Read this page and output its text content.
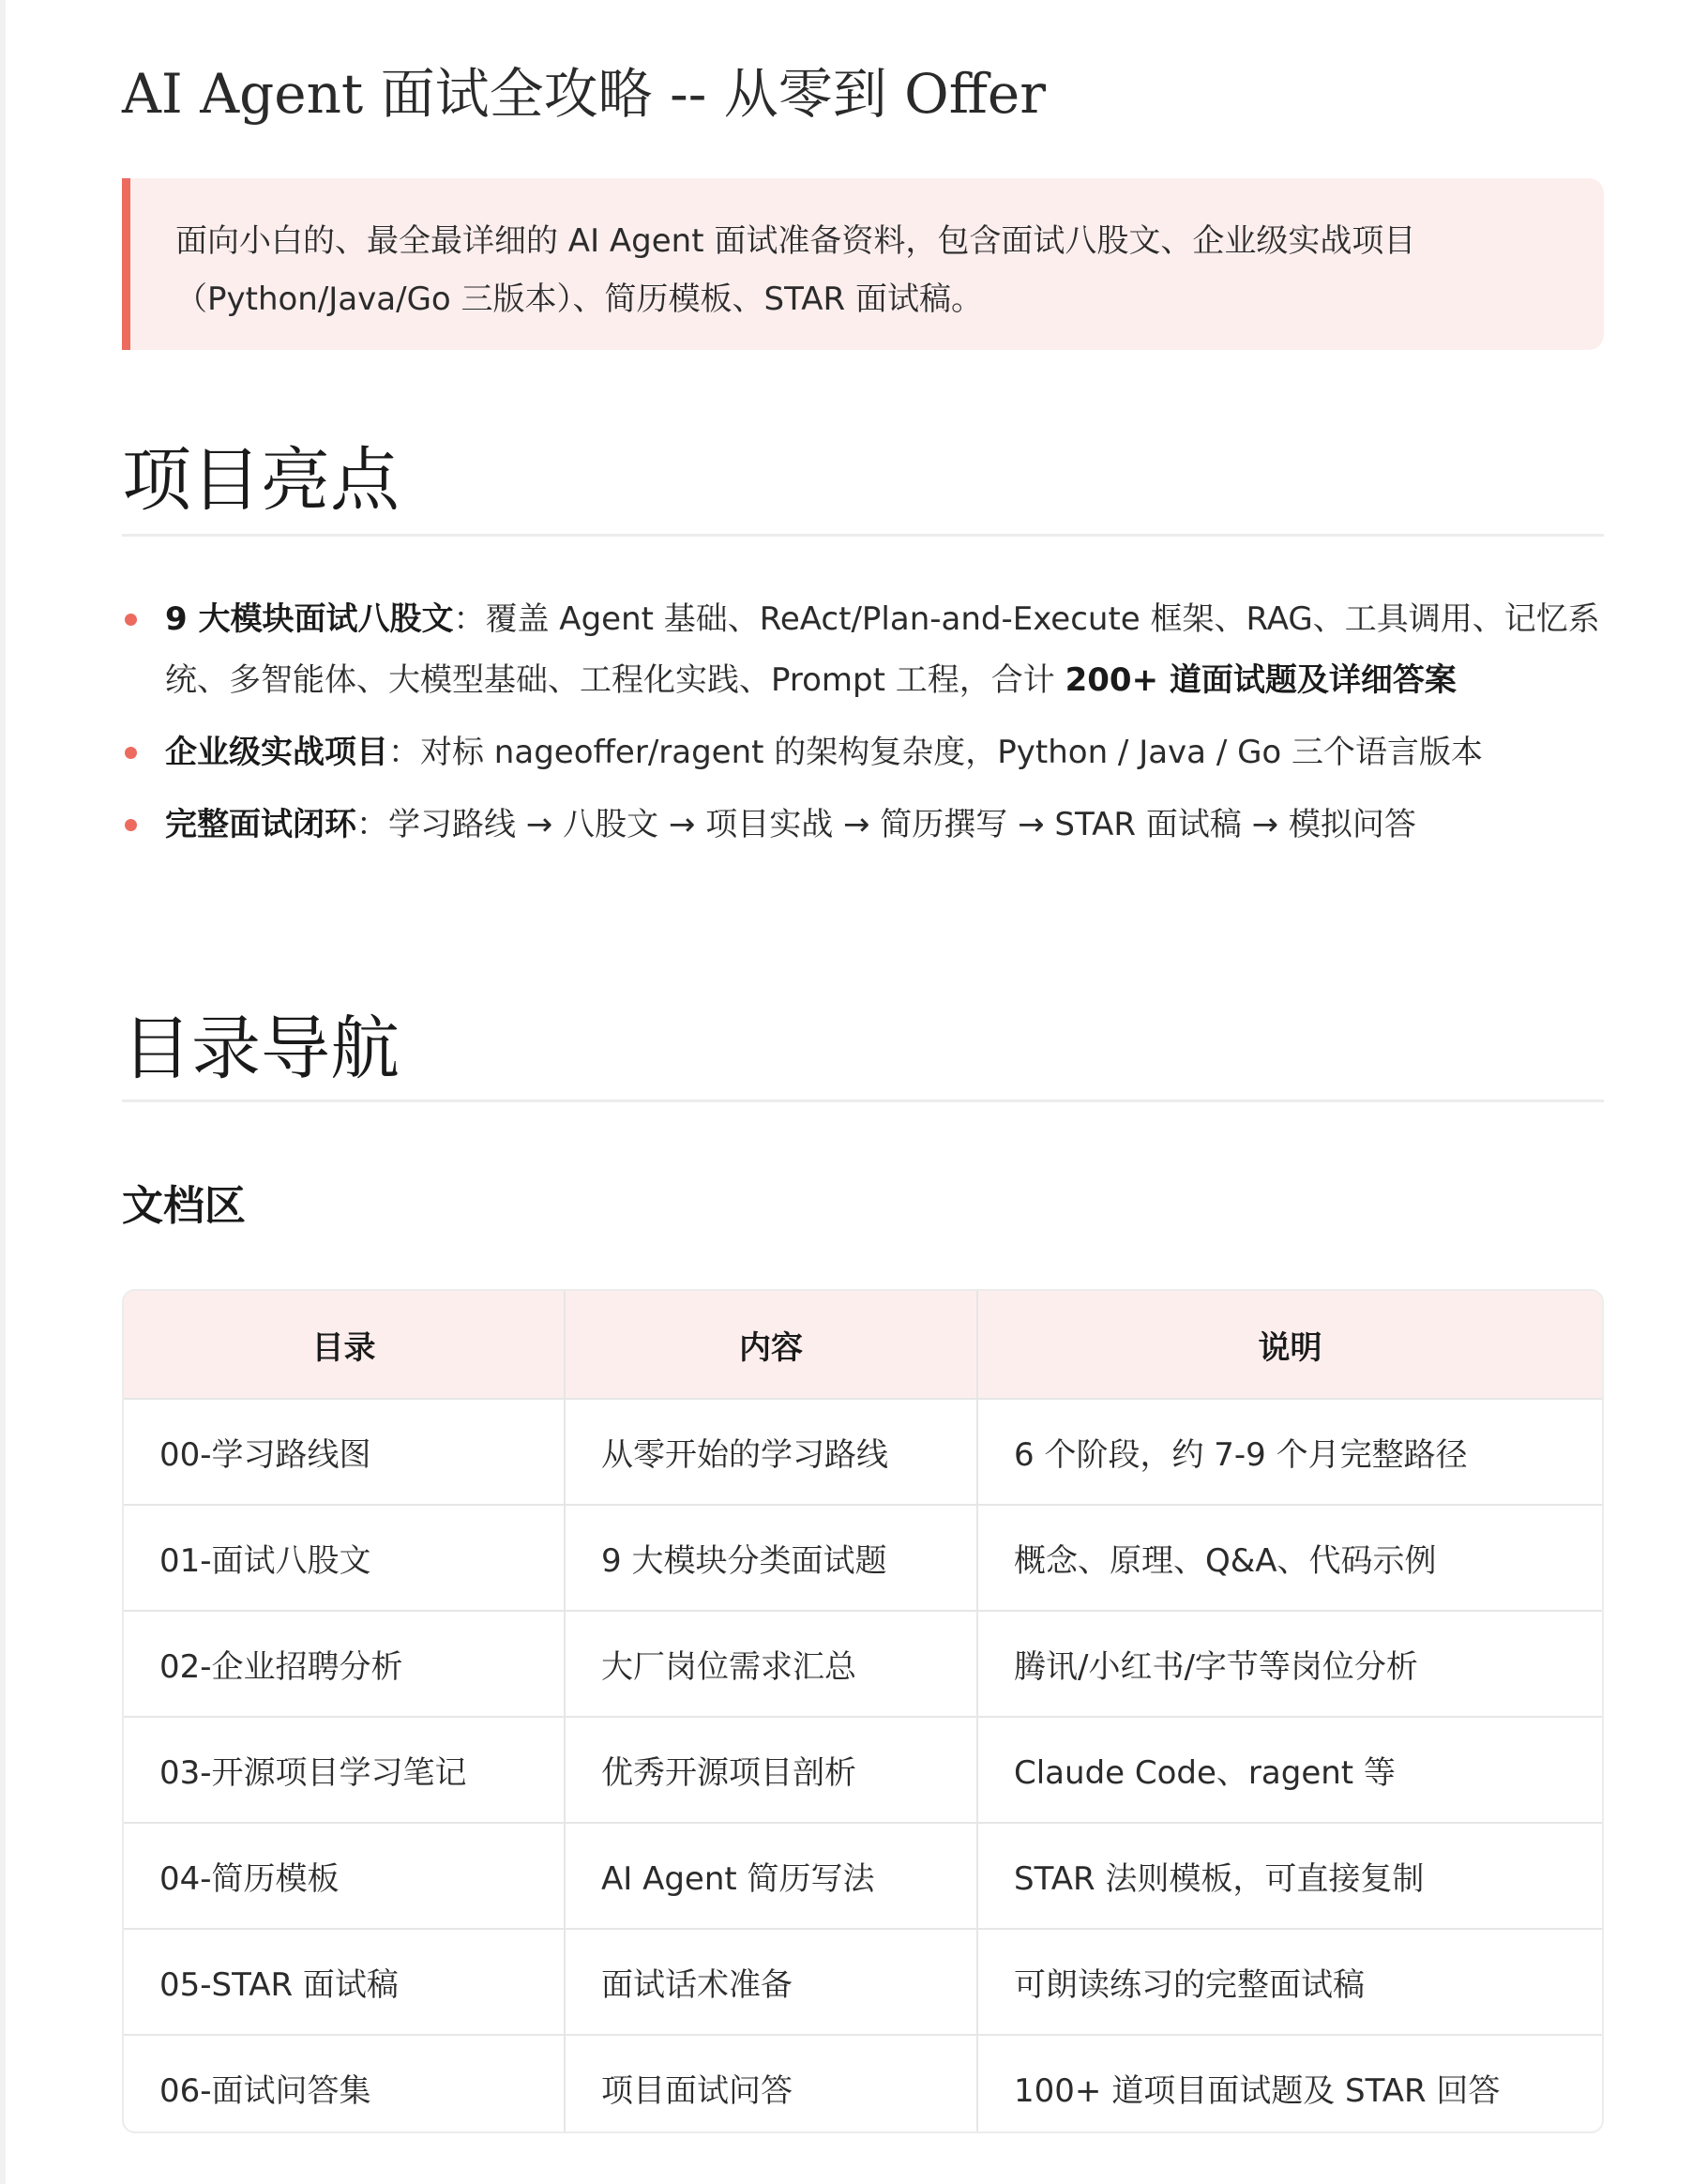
AI Agent 面试全攻略 -- 从零到 Offer

面向小白的、最全最详细的 AI Agent 面试准备资料，包含面试八股文、企业级实战项目

（Python/Java/Go 三版本）、简历模板、STAR 面试稿。

项目亮点
9 大模块面试八股文：覆盖 Agent 基础、ReAct/Plan-and-Execute 框架、RAG、工具调用、记忆系统、多智能体、大模型基础、工程化实践、Prompt 工程，合计 200+ 道面试题及详细答案
企业级实战项目：对标 nageoffer/ragent 的架构复杂度，Python / Java / Go 三个语言版本
完整面试闭环：学习路线 → 八股文 → 项目实战 → 简历撰写 → STAR 面试稿 → 模拟问答
目录导航
文档区
目录	内容	说明
00-学习路线图	从零开始的学习路线	6 个阶段，约 7-9 个月完整路径
01-面试八股文	9 大模块分类面试题	概念、原理、Q&A、代码示例
02-企业招聘分析	大厂岗位需求汇总	腾讯/小红书/字节等岗位分析
03-开源项目学习笔记	优秀开源项目剖析	Claude Code、ragent 等
04-简历模板	AI Agent 简历写法	STAR 法则模板，可直接复制
05-STAR 面试稿	面试话术准备	可朗读练习的完整面试稿
06-面试问答集	项目面试问答	100+ 道项目面试题及 STAR 回答
